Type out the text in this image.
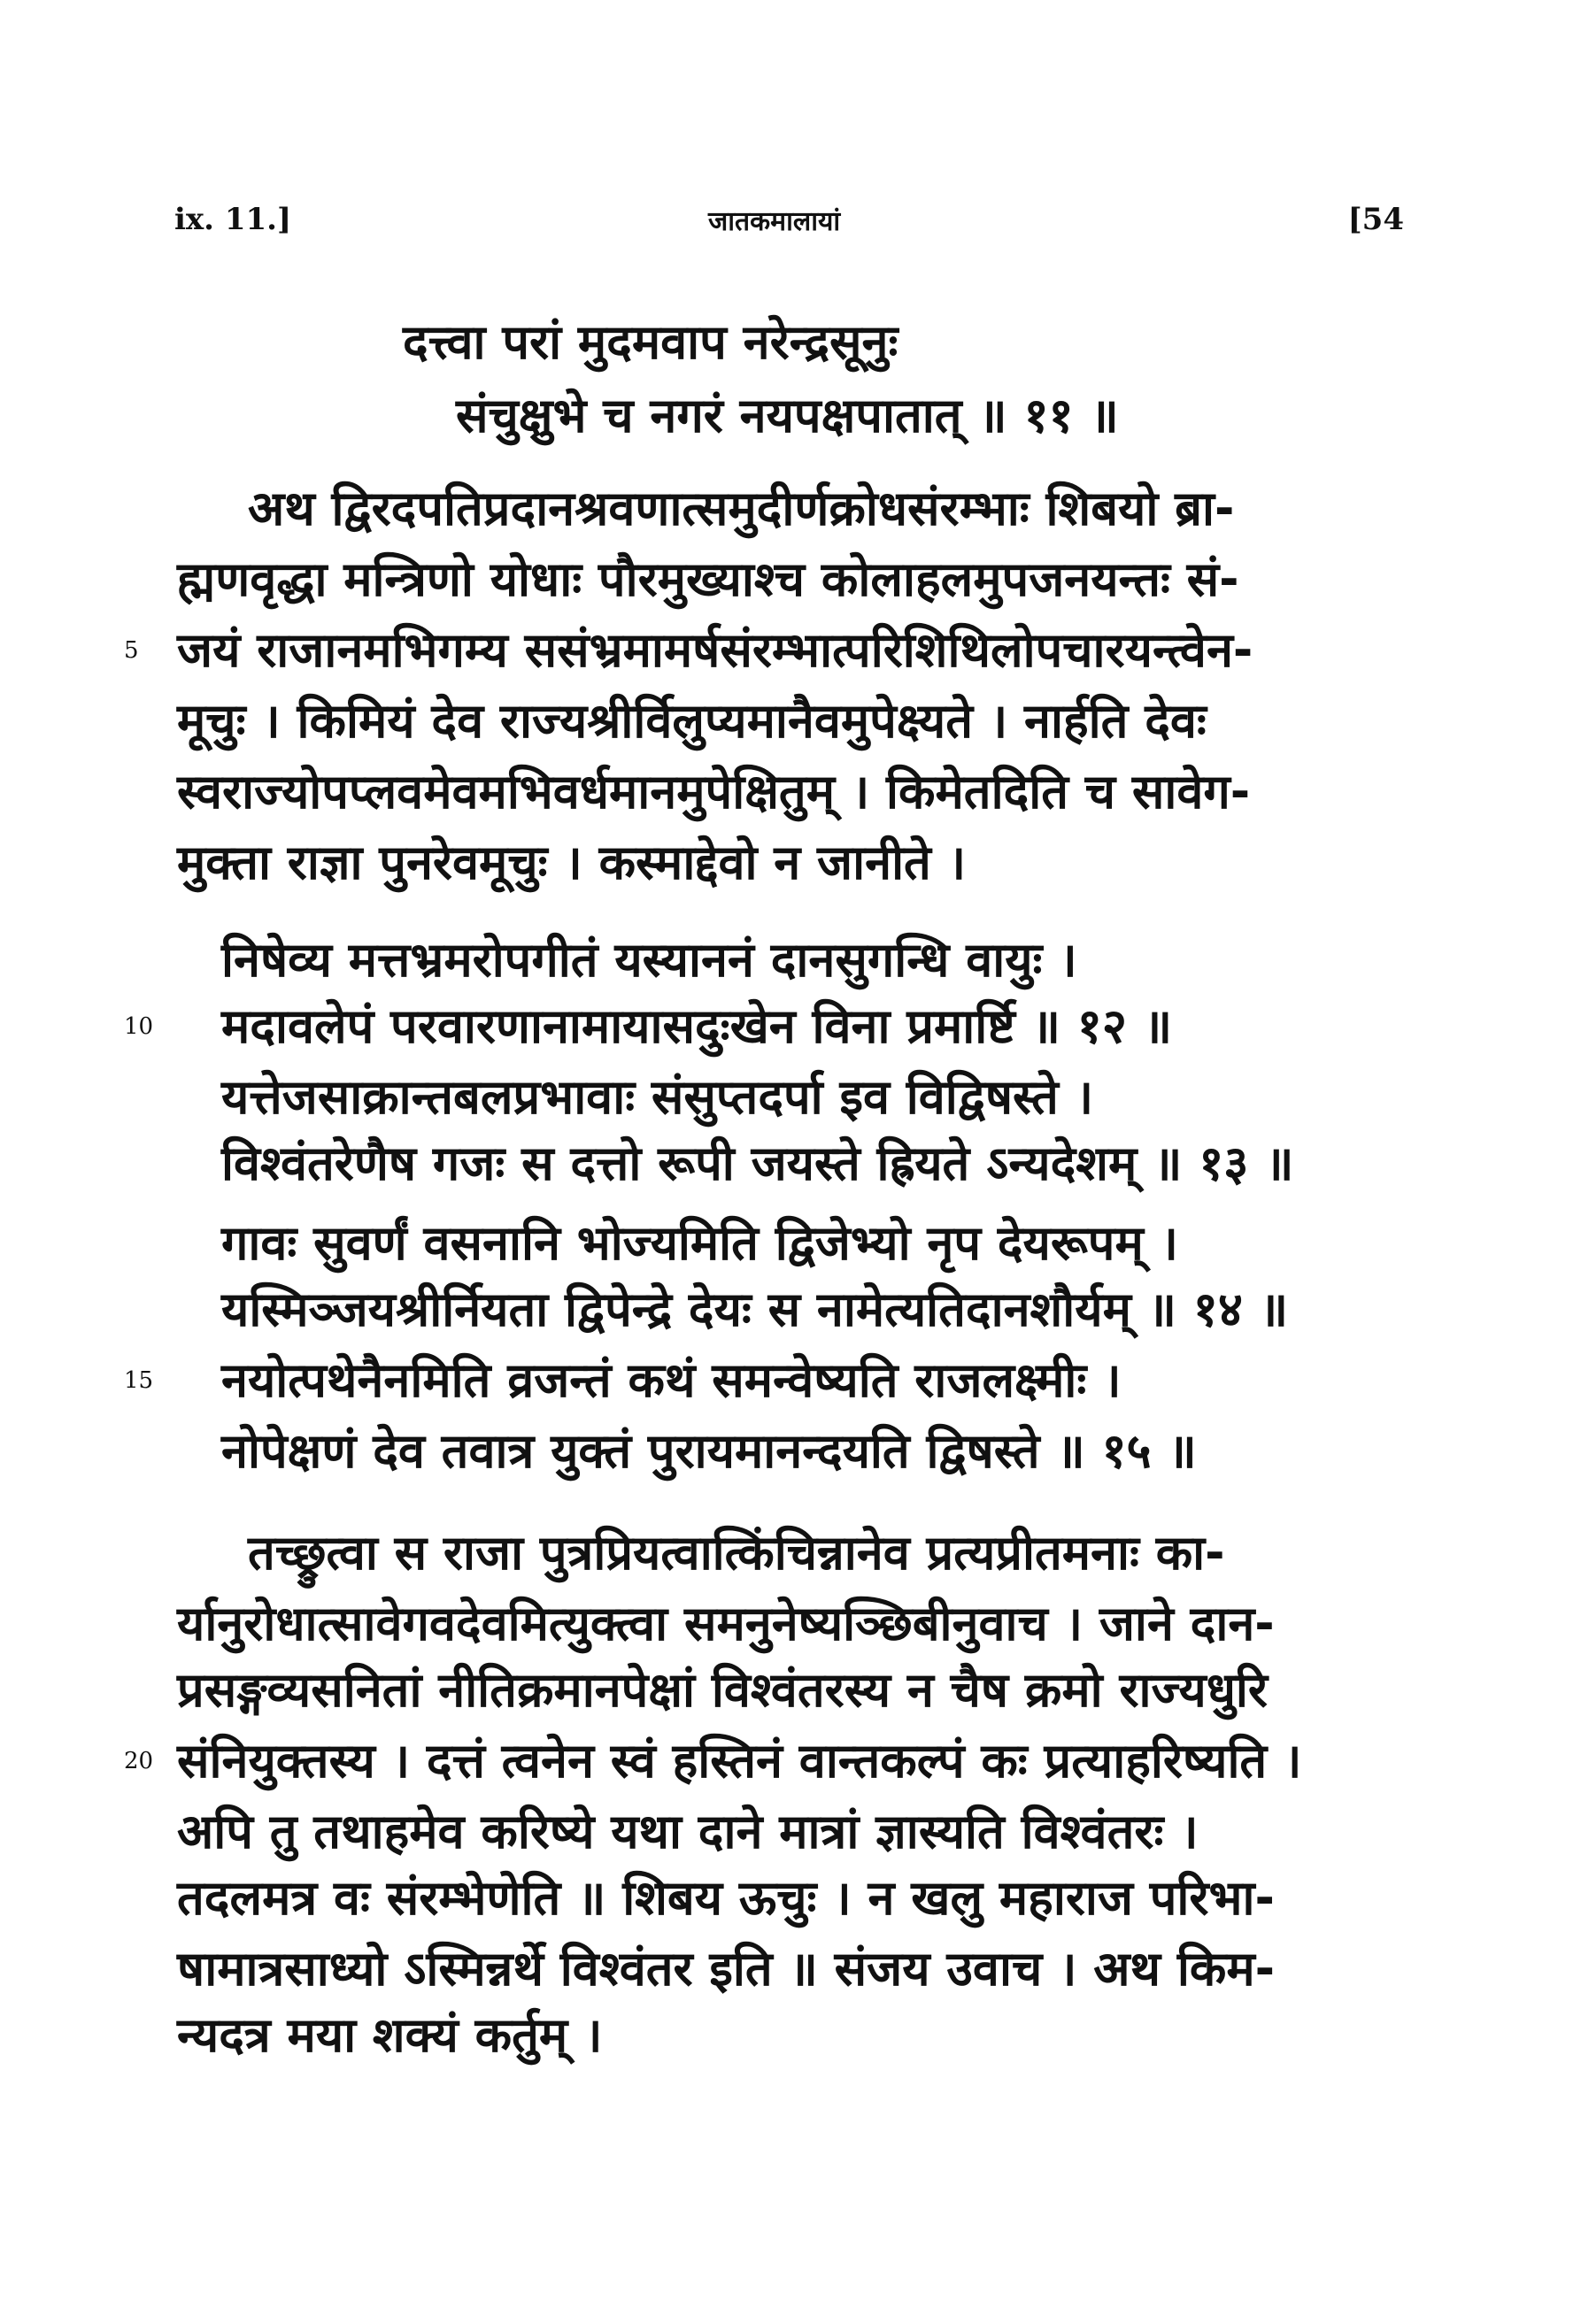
ix. 11.]	जातकमालायां	[54
दत्त्वा परां मुदमवाप नरेन्द्रसूनुः
संचुक्षुभे च नगरं नयपक्षपातात् ॥ ११ ॥
अथ द्विरदपतिप्रदानश्रवणात्समुदीर्णक्रोधसंरम्भाः शिबयो ब्रा-
ह्मणवृद्धा मन्त्रिणो योधाः पौरमुख्याश्च कोलाहलमुपजनयन्तः सं-
5 जयं राजानमभिगम्य ससंभ्रमामर्षसंरम्भात्परिशिथिलोपचारयन्त्वेन-
मूचुः । किमियं देव राज्यश्रीर्विलुप्यमानैवमुपेक्ष्यते । नार्हति देवः
स्वराज्योपप्लवमेवमभिवर्धमानमुपेक्षितुम् । किमेतदिति च सावेग-
मुक्ता राज्ञा पुनरेवमूचुः । कस्माद्देवो न जानीते ।
निषेव्य मत्तभ्रमरोपगीतं यस्याननं दानसुगन्धि वायुः ।
10 मदावलेपं परवारणानामायासदुःखेन विना प्रमार्ष्टि ॥ १२ ॥
यत्तेजसाक्रान्तबलप्रभावाः संसुप्तदर्पा इव विद्विषस्ते ।
विश्वंतरेणैष गजः स दत्तो रूपी जयस्ते ह्रियते ऽन्यदेशम् ॥ १३ ॥
गावः सुवर्णं वसनानि भोज्यमिति द्विजेभ्यो नृप देयरूपम् ।
यस्मिञ्जयश्रीर्नियता द्विपेन्द्रे देयः स नामेत्यतिदानशौर्यम् ॥ १४ ॥
15 नयोत्पथेनैनमिति व्रजन्तं कथं समन्वेष्यति राजलक्ष्मीः ।
नोपेक्षणं देव तवात्र युक्तं पुरायमानन्दयति द्विषस्ते ॥ १५ ॥
तच्छ्रुत्वा स राजा पुत्रप्रियत्वात्किंचिन्नानेव प्रत्यप्रीतमनाः का-
र्यानुरोधात्सावेगवदेवमित्युक्त्वा समनुनेष्यञ्छिबीनुवाच । जाने दान-
प्रसङ्गव्यसनितां नीतिक्रमानपेक्षां विश्वंतरस्य न चैष क्रमो राज्यधुरि
20 संनियुक्तस्य । दत्तं त्वनेन स्वं हस्तिनं वान्तकल्पं कः प्रत्याहरिष्यति ।
अपि तु तथाहमेव करिष्ये यथा दाने मात्रां ज्ञास्यति विश्वंतरः ।
तदलमत्र वः संरम्भेणेति ॥ शिबय ऊचुः । न खलु महाराज परिभा-
षामात्रसाध्यो ऽस्मिन्नर्थे विश्वंतर इति ॥ संजय उवाच । अथ किम-
न्यदत्र मया शक्यं कर्तुम् ।
